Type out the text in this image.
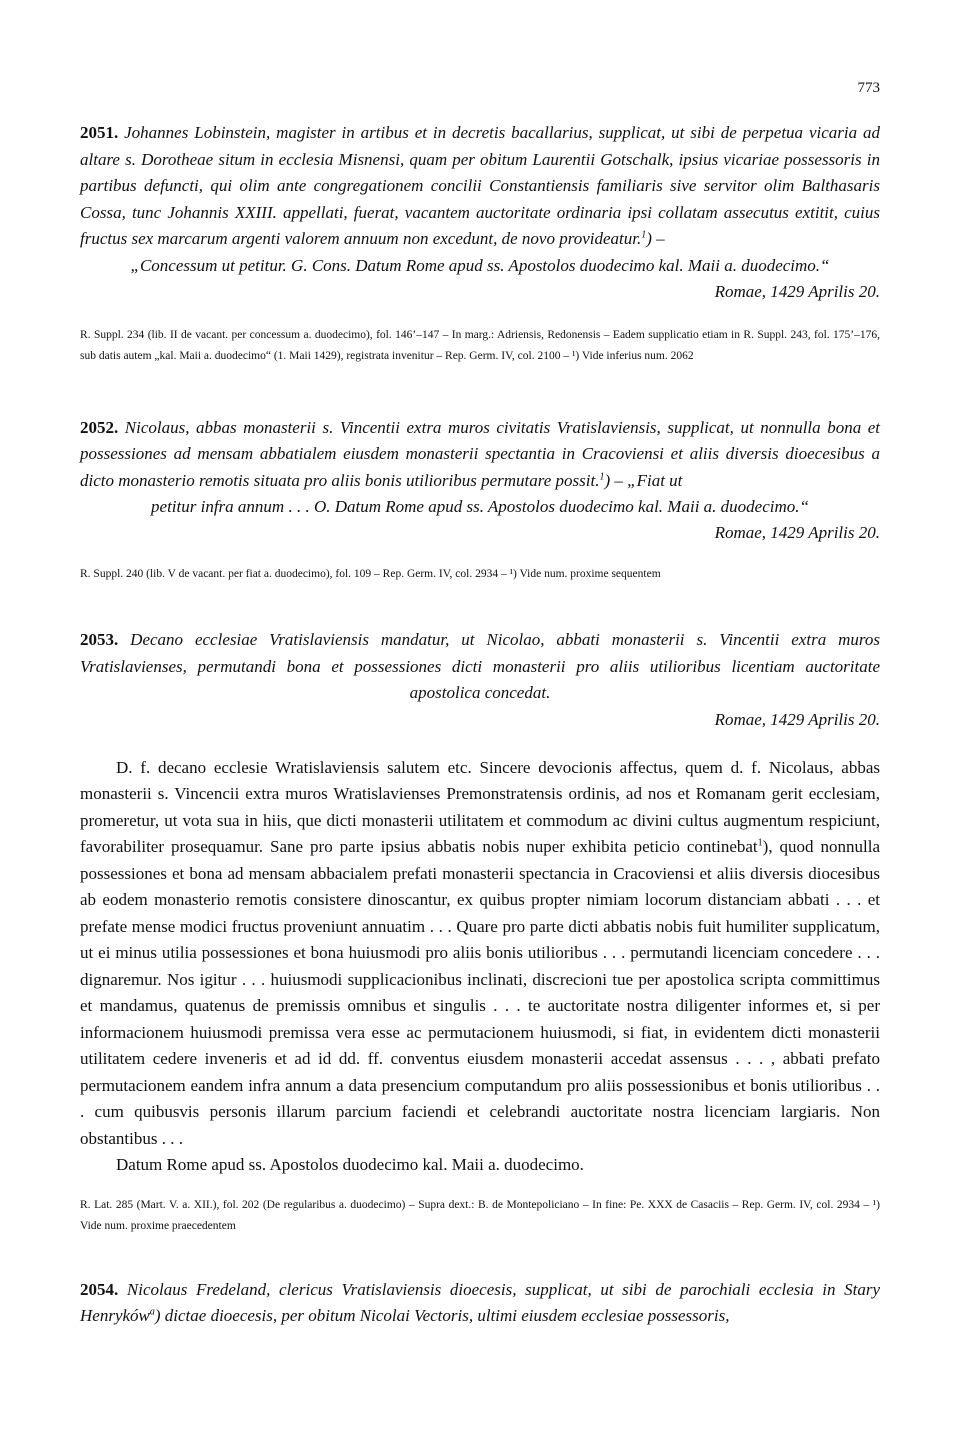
773

2051. Johannes Lobinstein, magister in artibus et in decretis bacallarius, supplicat, ut sibi de perpetua vicaria ad altare s. Dorotheae situm in ecclesia Misnensi, quam per obitum Laurentii Gotschalk, ipsius vicariae possessoris in partibus defuncti, qui olim ante congregationem concilii Constantiensis familiaris sive servitor olim Balthasaris Cossa, tunc Johannis XXIII. appellati, fuerat, vacantem auctoritate ordinaria ipsi collatam assecutus extitit, cuius fructus sex marcarum argenti valorem annuum non excedunt, de novo provideatur.$^1$) –

„Concessum ut petitur. G. Cons. Datum Rome apud ss. Apostolos duodecimo kal. Maii a. duodecimo.“

Romae, 1429 Aprilis 20.

R. Suppl. 234 (lib. II de vacant. per concessum a. duodecimo), fol. 146’–147 – In marg.: Adriensis, Redonensis – Eadem supplicatio etiam in R. Suppl. 243, fol. 175’–176, sub datis autem „kal. Maii a. duodecimo“ (1. Maii 1429), registrata invenitur – Rep. Germ. IV, col. 2100 – ¹) Vide inferius num. 2062

2052. Nicolaus, abbas monasterii s. Vincentii extra muros civitatis Vratislaviensis, supplicat, ut nonnulla bona et possessiones ad mensam abbatialem eiusdem monasterii spectantia in Cracoviensi et aliis diversis dioecesibus a dicto monasterio remotis situata pro aliis bonis utilioribus permutare possit.$^1$) – „Fiat ut

petitur infra annum . . . O. Datum Rome apud ss. Apostolos duodecimo kal. Maii a. duodecimo.“

Romae, 1429 Aprilis 20.

R. Suppl. 240 (lib. V de vacant. per fiat a. duodecimo), fol. 109 – Rep. Germ. IV, col. 2934 – ¹) Vide num. proxime sequentem

2053. Decano ecclesiae Vratislaviensis mandatur, ut Nicolao, abbati monasterii s. Vincentii extra muros Vratislavienses, permutandi bona et possessiones dicti monasterii pro aliis utilioribus licentiam auctoritate apostolica concedat.

Romae, 1429 Aprilis 20.

D. f. decano ecclesie Wratislaviensis salutem etc. Sincere devocionis affectus, quem d. f. Nicolaus, abbas monasterii s. Vincencii extra muros Wratislavienses Premonstratensis ordinis, ad nos et Romanam gerit ecclesiam, promeretur, ut vota sua in hiis, que dicti monasterii utilitatem et commodum ac divini cultus augmentum respiciunt, favorabiliter prosequamur. Sane pro parte ipsius abbatis nobis nuper exhibita peticio continebat$^1$), quod nonnulla possessiones et bona ad mensam abbacialem prefati monasterii spectancia in Cracoviensi et aliis diversis diocesibus ab eodem monasterio remotis consistere dinoscantur, ex quibus propter nimiam locorum distanciam abbati . . . et prefate mense modici fructus proveniunt annuatim . . . Quare pro parte dicti abbatis nobis fuit humiliter supplicatum, ut ei minus utilia possessiones et bona huiusmodi pro aliis bonis utilioribus . . . permutandi licenciam concedere . . . dignaremur. Nos igitur . . . huiusmodi supplicacionibus inclinati, discrecioni tue per apostolica scripta committimus et mandamus, quatenus de premissis omnibus et singulis . . . te auctoritate nostra diligenter informes et, si per informacionem huiusmodi premissa vera esse ac permutacionem huiusmodi, si fiat, in evidentem dicti monasterii utilitatem cedere inveneris et ad id dd. ff. conventus eiusdem monasterii accedat assensus . . . , abbati prefato permutacionem eandem infra annum a data presencium computandum pro aliis possessionibus et bonis utilioribus . . . cum quibusvis personis illarum parcium faciendi et celebrandi auctoritate nostra licenciam largiaris. Non obstantibus . . .

Datum Rome apud ss. Apostolos duodecimo kal. Maii a. duodecimo.

R. Lat. 285 (Mart. V. a. XII.), fol. 202 (De regularibus a. duodecimo) – Supra dext.: B. de Montepoliciano – In fine: Pe. XXX de Casaciis – Rep. Germ. IV, col. 2934 – ¹) Vide num. proxime praecedentem

2054. Nicolaus Fredeland, clericus Vratislaviensis dioecesis, supplicat, ut sibi de parochiali ecclesia in Stary Henryków$^a$) dictae dioecesis, per obitum Nicolai Vectoris, ultimi eiusdem ecclesiae possessoris,
